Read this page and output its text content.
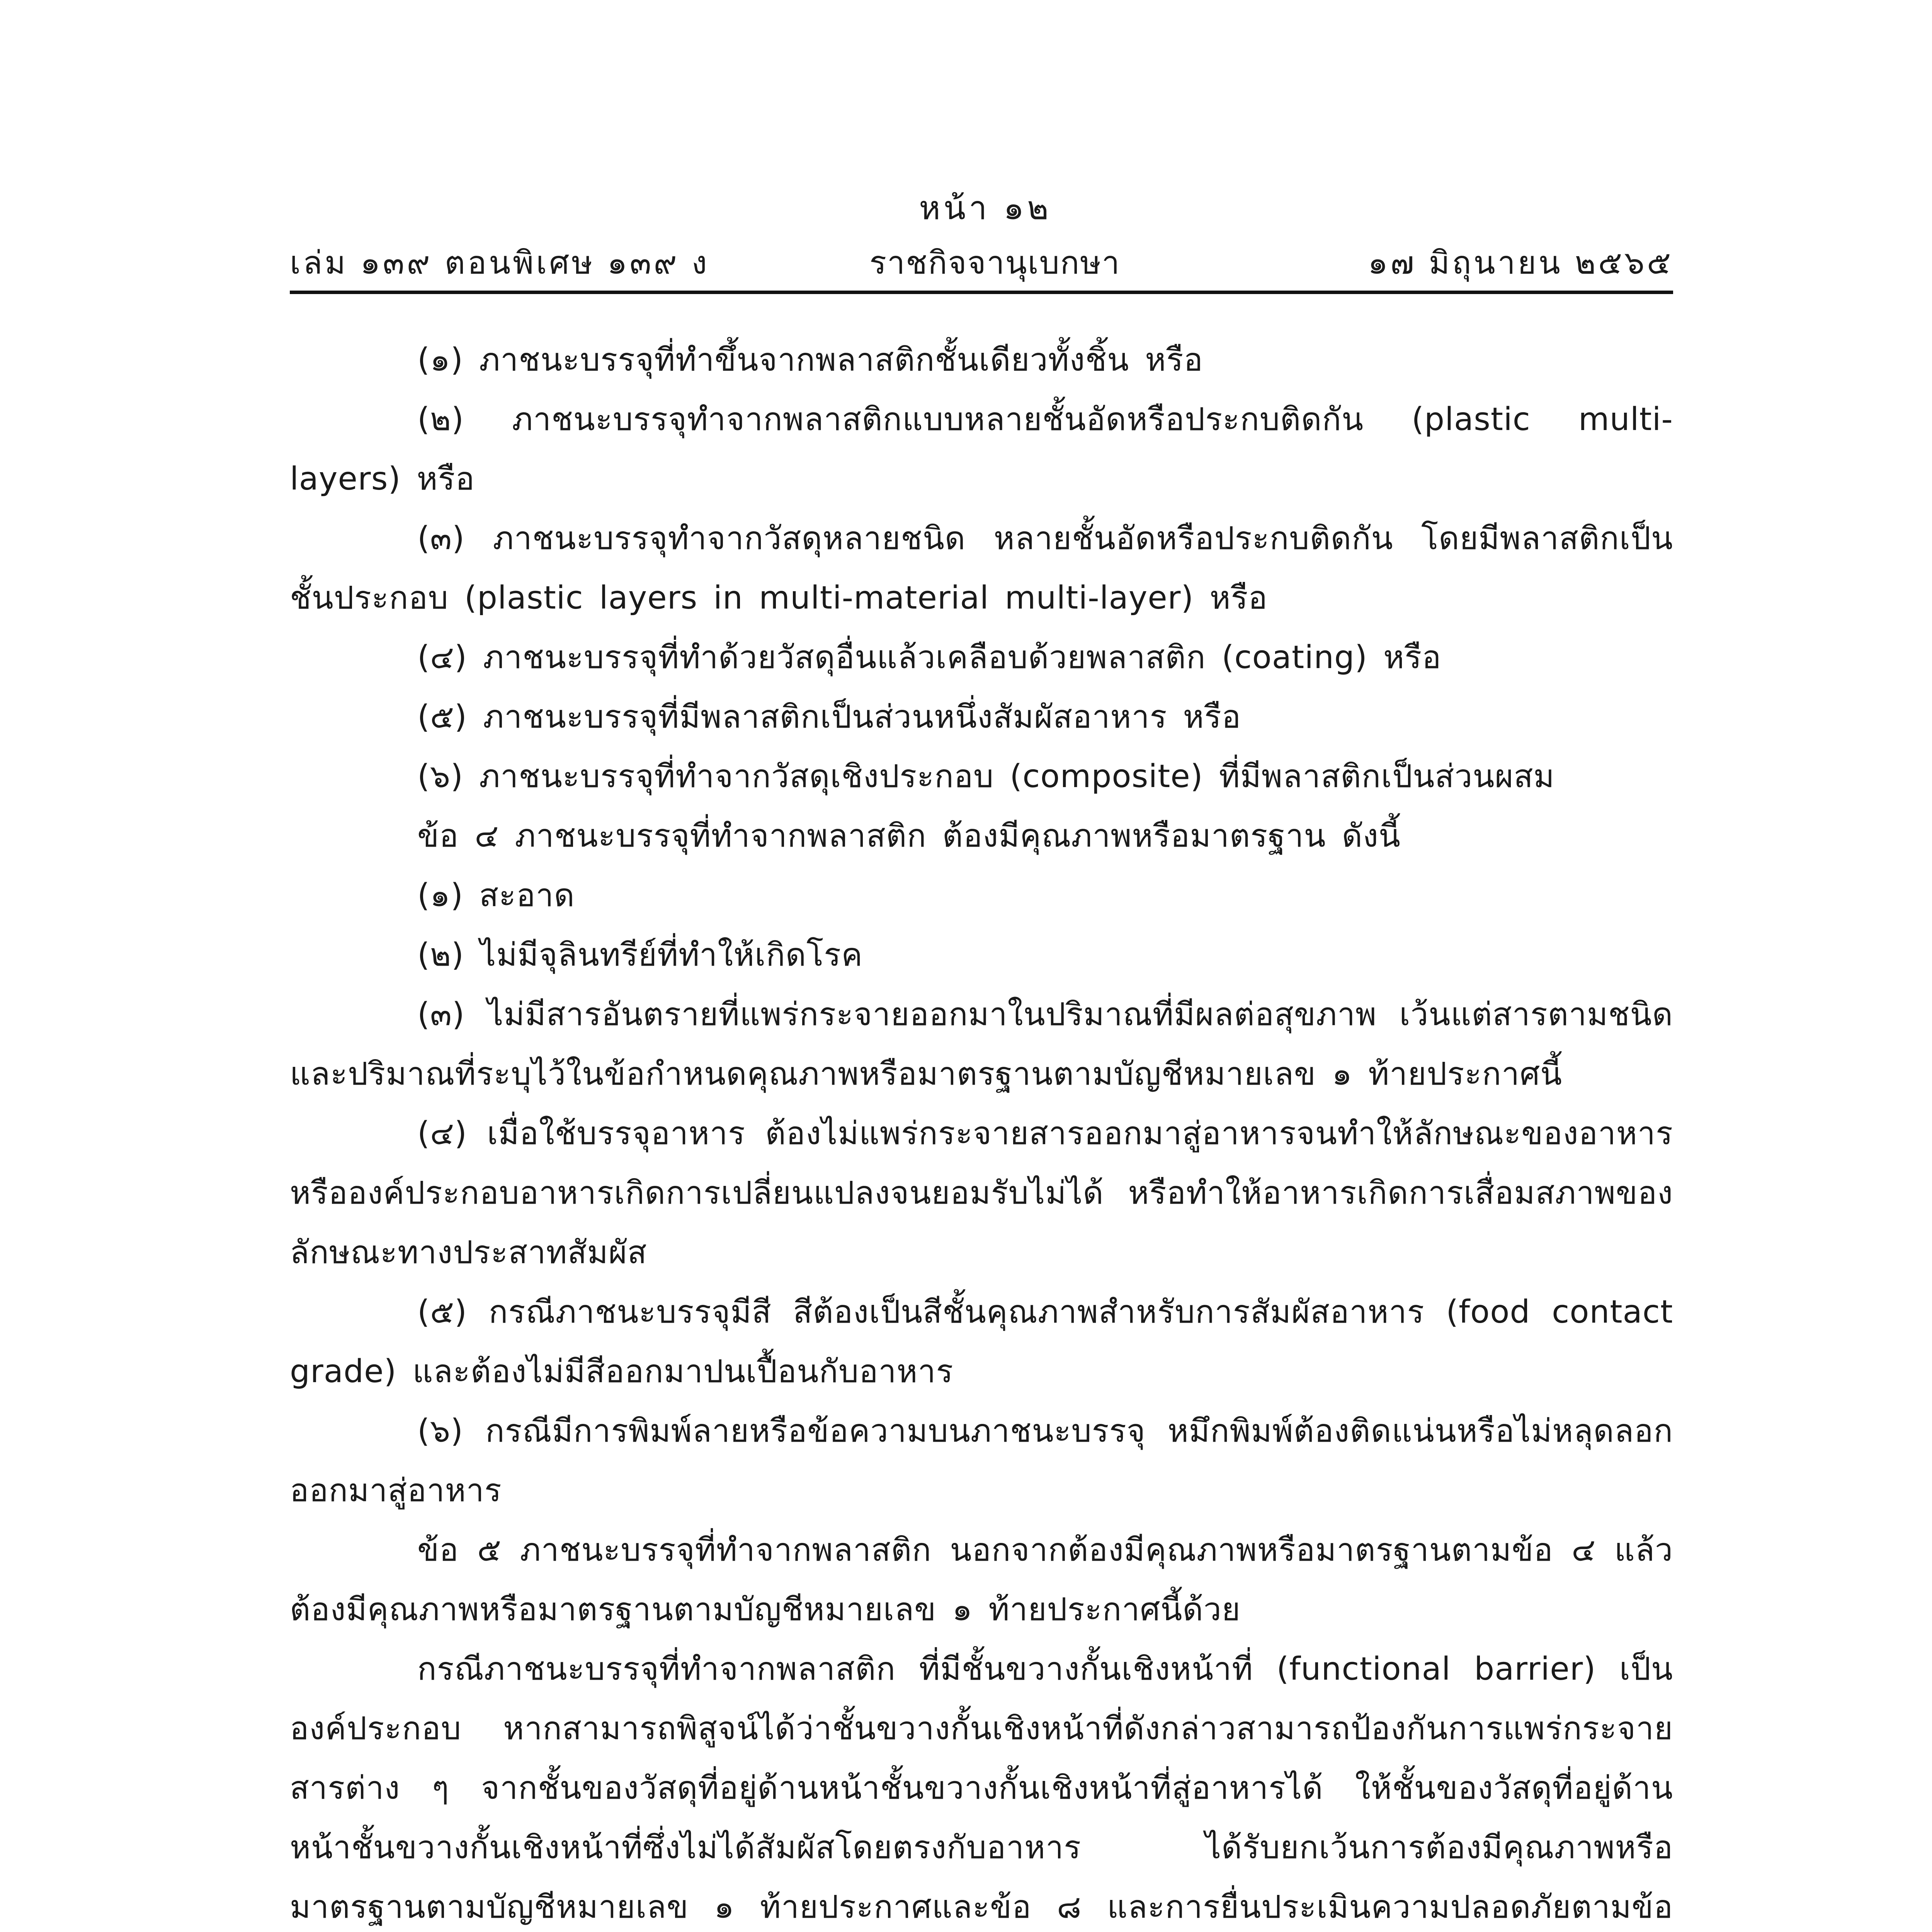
หน้า ๑๒
เล่ม ๑๓๙ ตอนพิเศษ ๑๓๙ ง	ราชกิจจานุเบกษา	๑๗ มิถุนายน ๒๕๖๕

(๑) ภาชนะบรรจุที่ทำขึ้นจากพลาสติกชั้นเดียวทั้งชิ้น หรือ

(๒) ภาชนะบรรจุทำจากพลาสติกแบบหลายชั้นอัดหรือประกบติดกัน (plastic multi-layers) หรือ

(๓) ภาชนะบรรจุทำจากวัสดุหลายชนิด หลายชั้นอัดหรือประกบติดกัน โดยมีพลาสติกเป็นชั้นประกอบ (plastic layers in multi-material multi-layer) หรือ

(๔) ภาชนะบรรจุที่ทำด้วยวัสดุอื่นแล้วเคลือบด้วยพลาสติก (coating) หรือ

(๕) ภาชนะบรรจุที่มีพลาสติกเป็นส่วนหนึ่งสัมผัสอาหาร หรือ

(๖) ภาชนะบรรจุที่ทำจากวัสดุเชิงประกอบ (composite) ที่มีพลาสติกเป็นส่วนผสม

ข้อ ๔ ภาชนะบรรจุที่ทำจากพลาสติก ต้องมีคุณภาพหรือมาตรฐาน ดังนี้

(๑) สะอาด

(๒) ไม่มีจุลินทรีย์ที่ทำให้เกิดโรค

(๓) ไม่มีสารอันตรายที่แพร่กระจายออกมาในปริมาณที่มีผลต่อสุขภาพ เว้นแต่สารตามชนิดและปริมาณที่ระบุไว้ในข้อกำหนดคุณภาพหรือมาตรฐานตามบัญชีหมายเลข ๑ ท้ายประกาศนี้

(๔) เมื่อใช้บรรจุอาหาร ต้องไม่แพร่กระจายสารออกมาสู่อาหารจนทำให้ลักษณะของอาหารหรือองค์ประกอบอาหารเกิดการเปลี่ยนแปลงจนยอมรับไม่ได้ หรือทำให้อาหารเกิดการเสื่อมสภาพของลักษณะทางประสาทสัมผัส

(๕) กรณีภาชนะบรรจุมีสี สีต้องเป็นสีชั้นคุณภาพสำหรับการสัมผัสอาหาร (food contact grade) และต้องไม่มีสีออกมาปนเปื้อนกับอาหาร

(๖) กรณีมีการพิมพ์ลายหรือข้อความบนภาชนะบรรจุ หมึกพิมพ์ต้องติดแน่นหรือไม่หลุดลอกออกมาสู่อาหาร

ข้อ ๕ ภาชนะบรรจุที่ทำจากพลาสติก นอกจากต้องมีคุณภาพหรือมาตรฐานตามข้อ ๔ แล้ว ต้องมีคุณภาพหรือมาตรฐานตามบัญชีหมายเลข ๑ ท้ายประกาศนี้ด้วย

กรณีภาชนะบรรจุที่ทำจากพลาสติก ที่มีชั้นขวางกั้นเชิงหน้าที่ (functional barrier) เป็นองค์ประกอบ หากสามารถพิสูจน์ได้ว่าชั้นขวางกั้นเชิงหน้าที่ดังกล่าวสามารถป้องกันการแพร่กระจายสารต่าง ๆ จากชั้นของวัสดุที่อยู่ด้านหน้าชั้นขวางกั้นเชิงหน้าที่สู่อาหารได้ ให้ชั้นของวัสดุที่อยู่ด้านหน้าชั้นขวางกั้นเชิงหน้าที่ซึ่งไม่ได้สัมผัสโดยตรงกับอาหาร ได้รับยกเว้นการต้องมีคุณภาพหรือมาตรฐานตามบัญชีหมายเลข ๑ ท้ายประกาศและข้อ ๘ และการยื่นประเมินความปลอดภัยตามข้อ
